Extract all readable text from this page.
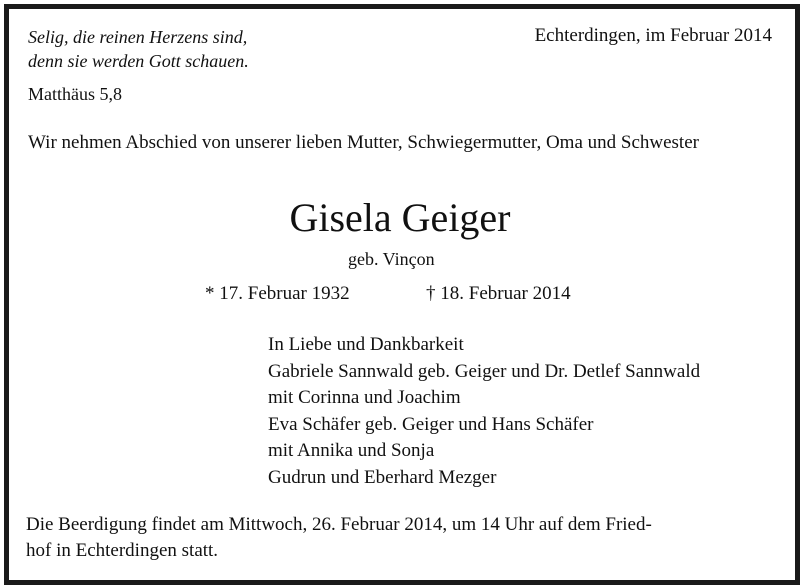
Selig, die reinen Herzens sind,
denn sie werden Gott schauen.
Matthäus 5,8
Echterdingen, im Februar 2014
Wir nehmen Abschied von unserer lieben Mutter, Schwiegermutter, Oma und Schwester
Gisela Geiger
geb. Vinçon
* 17. Februar 1932	† 18. Februar 2014
In Liebe und Dankbarkeit
Gabriele Sannwald geb. Geiger und Dr. Detlef Sannwald
mit Corinna und Joachim
Eva Schäfer geb. Geiger und Hans Schäfer
mit Annika und Sonja
Gudrun und Eberhard Mezger
Die Beerdigung findet am Mittwoch, 26. Februar 2014, um 14 Uhr auf dem Fried-
hof in Echterdingen statt.
